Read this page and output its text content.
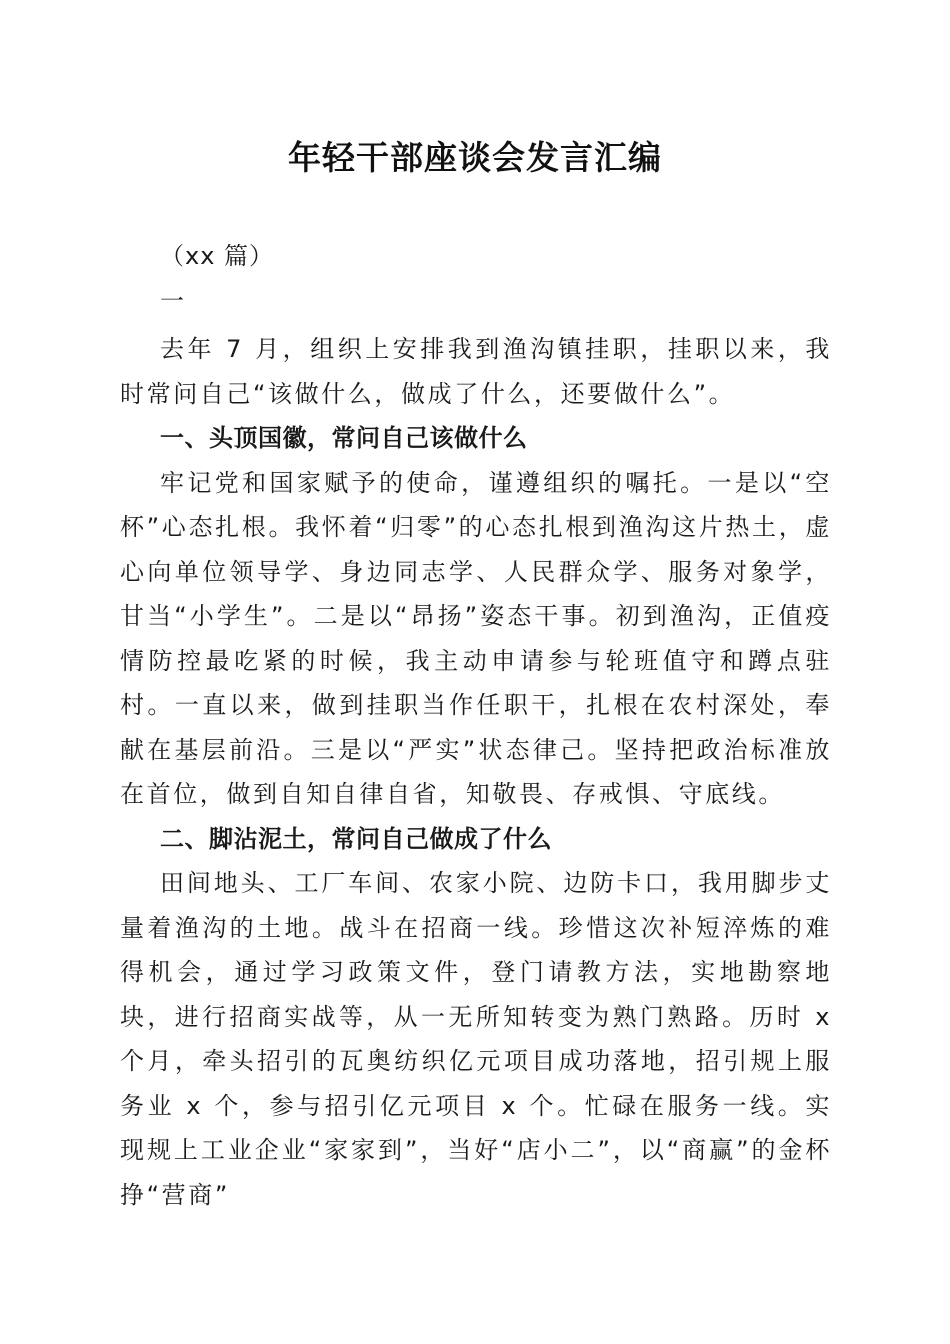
年轻干部座谈会发言汇编

（xx 篇）

一

去年 7 月，组织上安排我到渔沟镇挂职，挂职以来，我时常问自己“该做什么，做成了什么，还要做什么”。

一、头顶国徽，常问自己该做什么

牢记党和国家赋予的使命，谨遵组织的嘱托。一是以“空杯”心态扎根。我怀着“归零”的心态扎根到渔沟这片热土，虚心向单位领导学、身边同志学、人民群众学、服务对象学，甘当“小学生”。二是以“昂扬”姿态干事。初到渔沟，正值疫情防控最吃紧的时候，我主动申请参与轮班值守和蹲点驻村。一直以来，做到挂职当作任职干，扎根在农村深处，奉献在基层前沿。三是以“严实”状态律己。坚持把政治标准放在首位，做到自知自律自省，知敬畏、存戒惧、守底线。

二、脚沾泥土，常问自己做成了什么

田间地头、工厂车间、农家小院、边防卡口，我用脚步丈量着渔沟的土地。战斗在招商一线。珍惜这次补短淬炼的难得机会，通过学习政策文件，登门请教方法，实地勘察地块，进行招商实战等，从一无所知转变为熟门熟路。历时 x 个月，牵头招引的瓦奥纺织亿元项目成功落地，招引规上服务业 x 个，参与招引亿元项目 x 个。忙碌在服务一线。实现规上工业企业“家家到”，当好“店小二”，以“商赢”的金杯挣“营商”
